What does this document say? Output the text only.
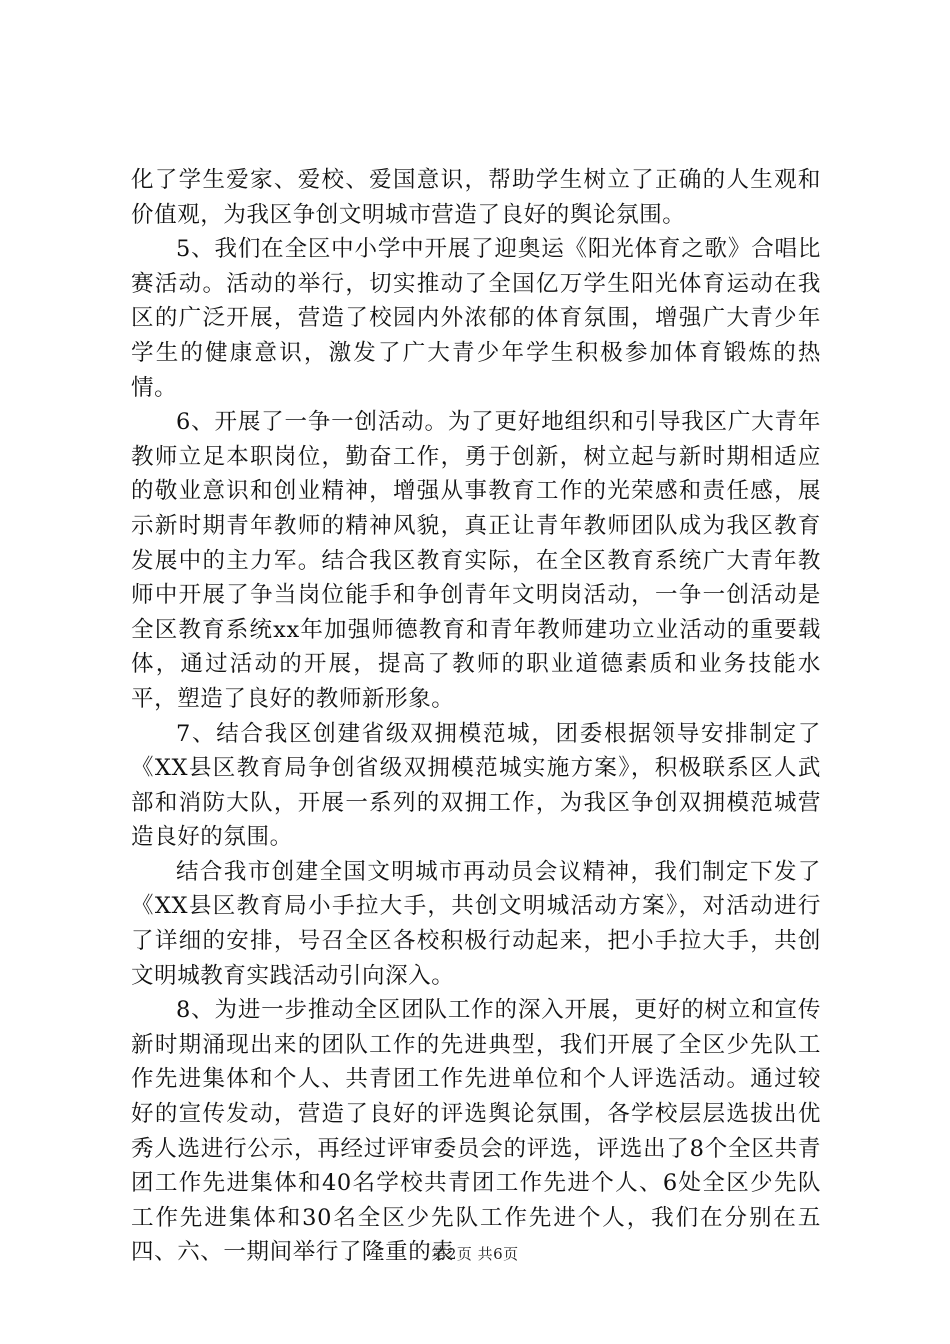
化了学生爱家、爱校、爱国意识，帮助学生树立了正确的人生观和价值观，为我区争创文明城市营造了良好的舆论氛围。

5、我们在全区中小学中开展了迎奥运《阳光体育之歌》合唱比赛活动。活动的举行，切实推动了全国亿万学生阳光体育运动在我区的广泛开展，营造了校园内外浓郁的体育氛围，增强广大青少年学生的健康意识，激发了广大青少年学生积极参加体育锻炼的热情。

6、开展了一争一创活动。为了更好地组织和引导我区广大青年教师立足本职岗位，勤奋工作，勇于创新，树立起与新时期相适应的敬业意识和创业精神，增强从事教育工作的光荣感和责任感，展示新时期青年教师的精神风貌，真正让青年教师团队成为我区教育发展中的主力军。结合我区教育实际，在全区教育系统广大青年教师中开展了争当岗位能手和争创青年文明岗活动，一争一创活动是全区教育系统xx年加强师德教育和青年教师建功立业活动的重要载体，通过活动的开展，提高了教师的职业道德素质和业务技能水平，塑造了良好的教师新形象。

7、结合我区创建省级双拥模范城，团委根据领导安排制定了《XX县区教育局争创省级双拥模范城实施方案》，积极联系区人武部和消防大队，开展一系列的双拥工作，为我区争创双拥模范城营造良好的氛围。

结合我市创建全国文明城市再动员会议精神，我们制定下发了《XX县区教育局小手拉大手，共创文明城活动方案》，对活动进行了详细的安排，号召全区各校积极行动起来，把小手拉大手，共创文明城教育实践活动引向深入。

8、为进一步推动全区团队工作的深入开展，更好的树立和宣传新时期涌现出来的团队工作的先进典型，我们开展了全区少先队工作先进集体和个人、共青团工作先进单位和个人评选活动。通过较好的宣传发动，营造了良好的评选舆论氛围，各学校层层选拔出优秀人选进行公示，再经过评审委员会的评选，评选出了8个全区共青团工作先进集体和40名学校共青团工作先进个人、6处全区少先队工作先进集体和30名全区少先队工作先进个人，我们在分别在五四、六、一期间举行了隆重的表

第2页 共6页
